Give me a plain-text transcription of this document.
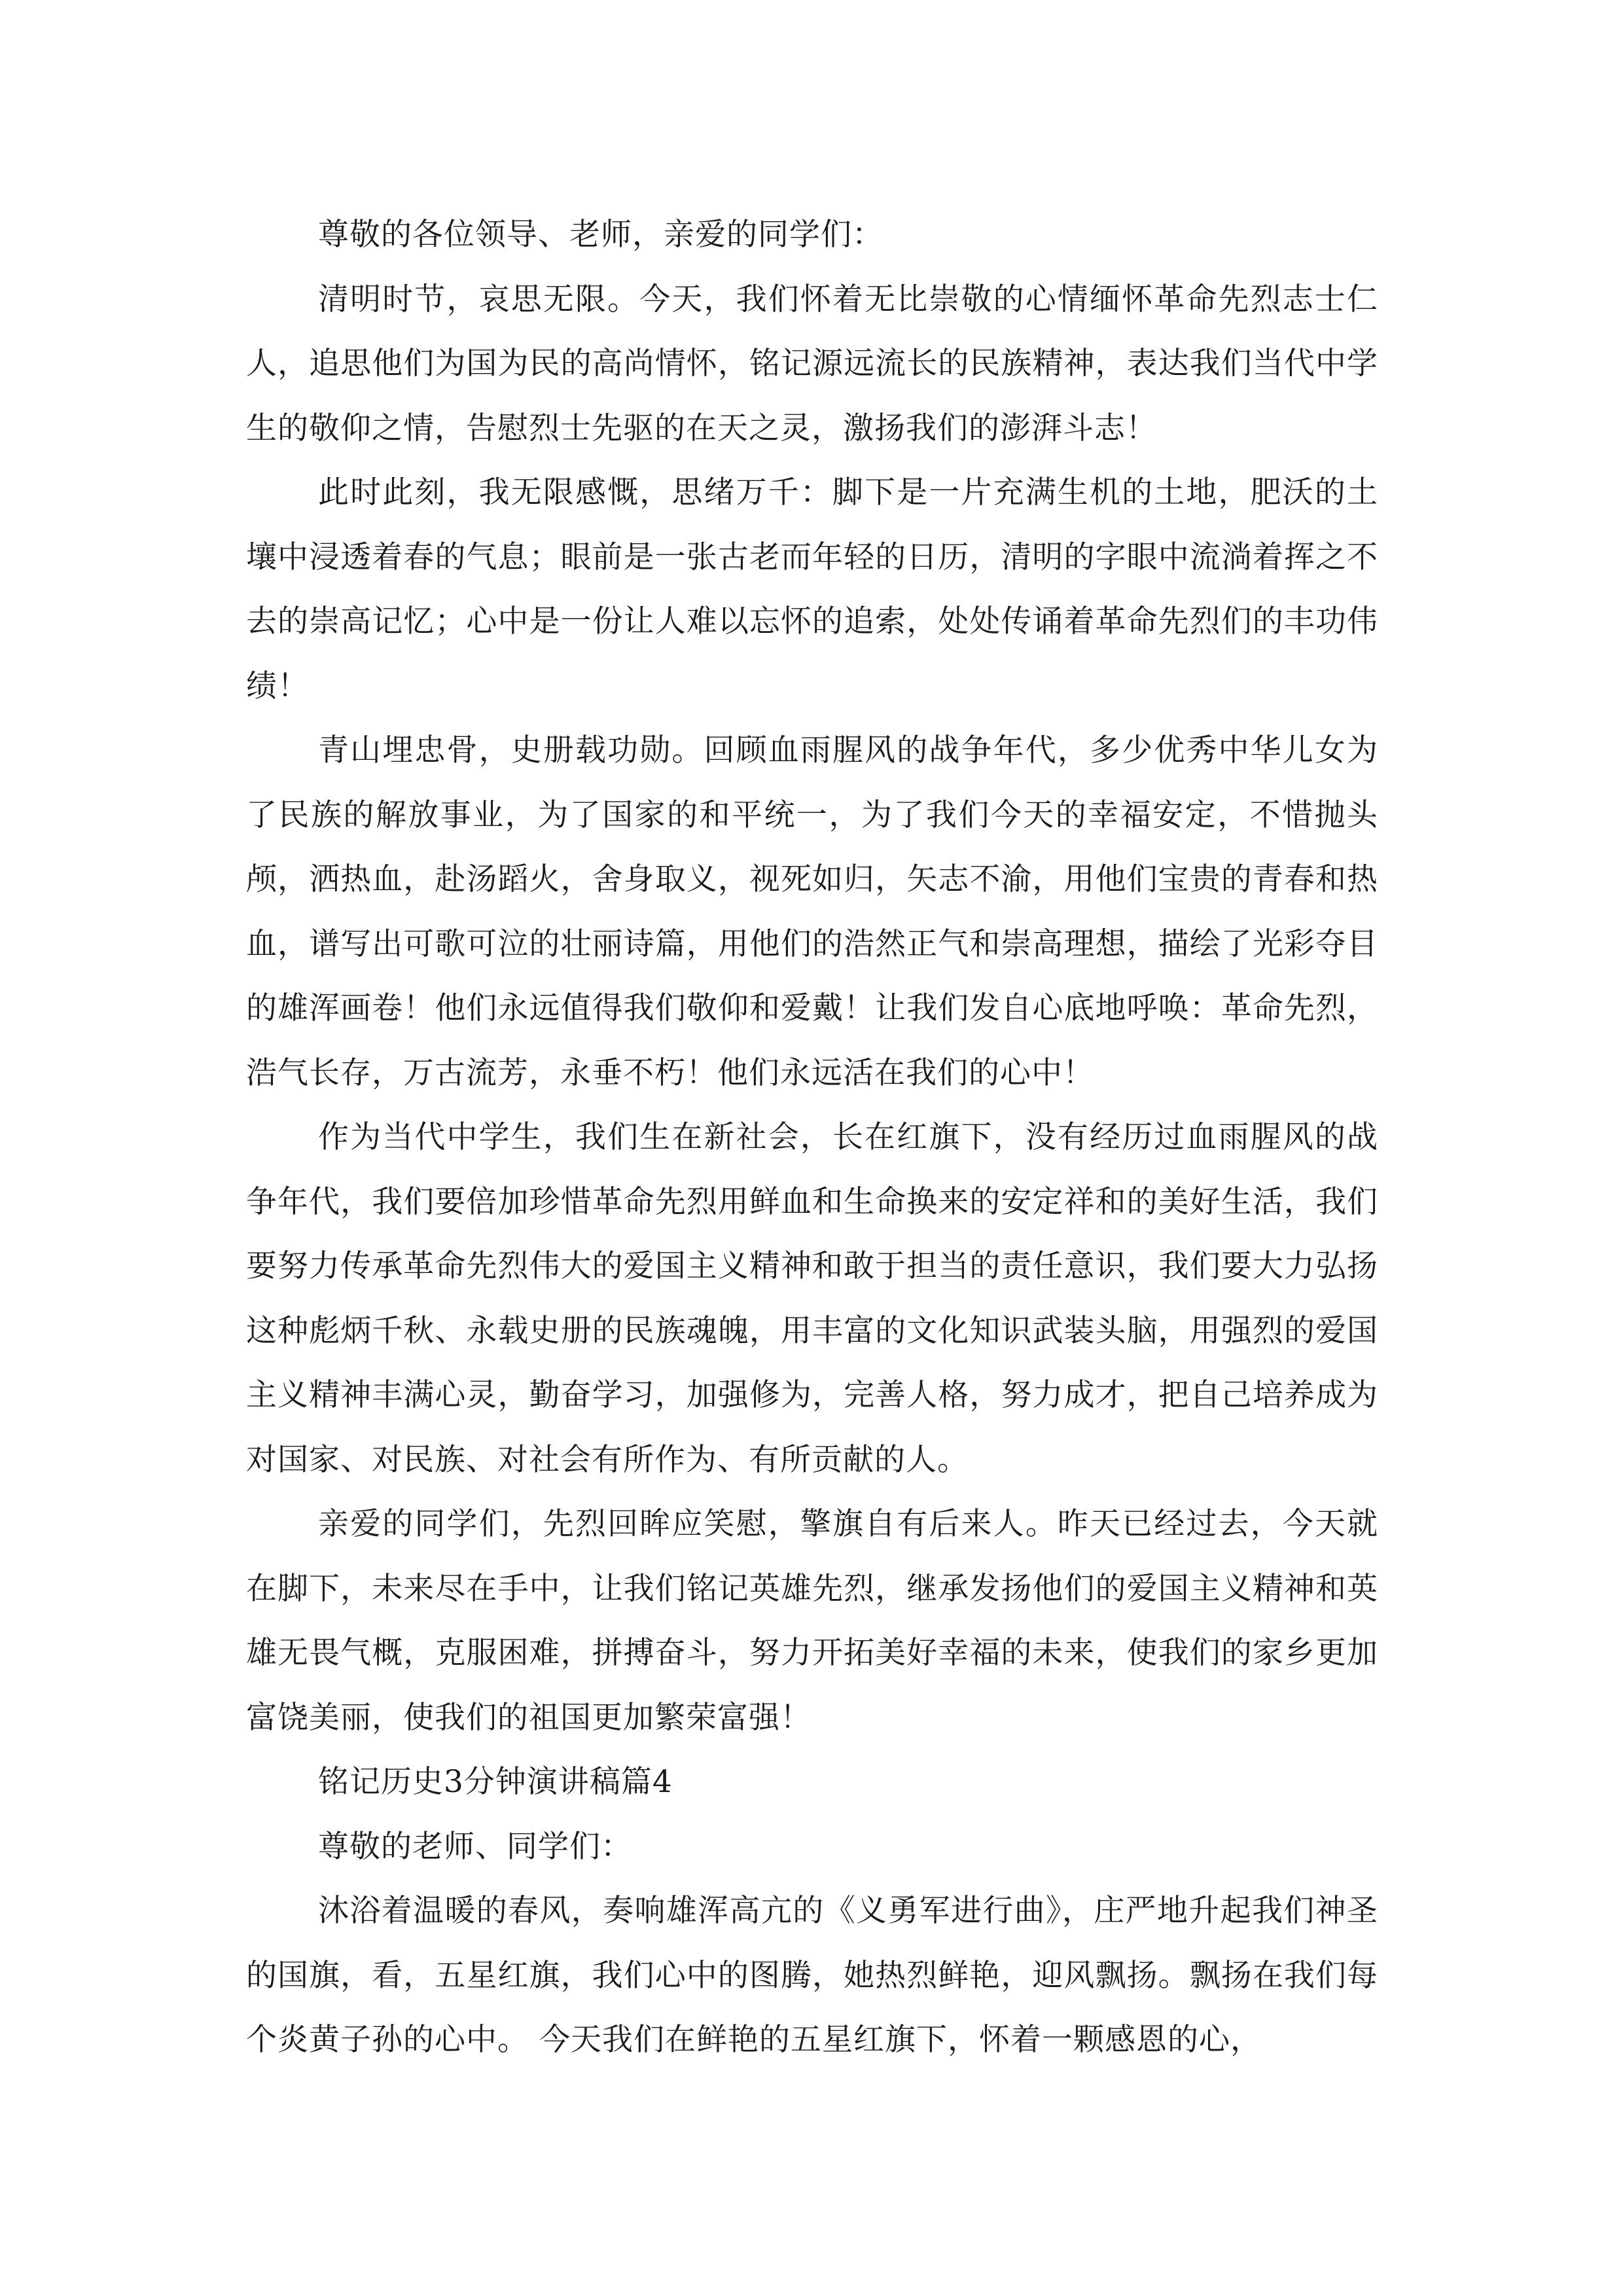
尊敬的各位领导、老师，亲爱的同学们：

清明时节，哀思无限。今天，我们怀着无比崇敬的心情缅怀革命先烈志士仁人，追思他们为国为民的高尚情怀，铭记源远流长的民族精神，表达我们当代中学生的敬仰之情，告慰烈士先驱的在天之灵，激扬我们的澎湃斗志！

此时此刻，我无限感慨，思绪万千：脚下是一片充满生机的土地，肥沃的土壤中浸透着春的气息；眼前是一张古老而年轻的日历，清明的字眼中流淌着挥之不去的崇高记忆；心中是一份让人难以忘怀的追索，处处传诵着革命先烈们的丰功伟绩！

青山埋忠骨，史册载功勋。回顾血雨腥风的战争年代，多少优秀中华儿女为了民族的解放事业，为了国家的和平统一，为了我们今天的幸福安定，不惜抛头颅，洒热血，赴汤蹈火，舍身取义，视死如归，矢志不渝，用他们宝贵的青春和热血，谱写出可歌可泣的壮丽诗篇，用他们的浩然正气和崇高理想，描绘了光彩夺目的雄浑画卷！他们永远值得我们敬仰和爱戴！让我们发自心底地呼唤：革命先烈，浩气长存，万古流芳，永垂不朽！他们永远活在我们的心中！

作为当代中学生，我们生在新社会，长在红旗下，没有经历过血雨腥风的战争年代，我们要倍加珍惜革命先烈用鲜血和生命换来的安定祥和的美好生活，我们要努力传承革命先烈伟大的爱国主义精神和敢于担当的责任意识，我们要大力弘扬这种彪炳千秋、永载史册的民族魂魄，用丰富的文化知识武装头脑，用强烈的爱国主义精神丰满心灵，勤奋学习，加强修为，完善人格，努力成才，把自己培养成为对国家、对民族、对社会有所作为、有所贡献的人。

亲爱的同学们，先烈回眸应笑慰，擎旗自有后来人。昨天已经过去，今天就在脚下，未来尽在手中，让我们铭记英雄先烈，继承发扬他们的爱国主义精神和英雄无畏气概，克服困难，拼搏奋斗，努力开拓美好幸福的未来，使我们的家乡更加富饶美丽，使我们的祖国更加繁荣富强！

铭记历史3分钟演讲稿篇4

尊敬的老师、同学们：

沐浴着温暖的春风，奏响雄浑高亢的《义勇军进行曲》，庄严地升起我们神圣的国旗，看，五星红旗，我们心中的图腾，她热烈鲜艳，迎风飘扬。飘扬在我们每个炎黄子孙的心中。 今天我们在鲜艳的五星红旗下，怀着一颗感恩的心，
